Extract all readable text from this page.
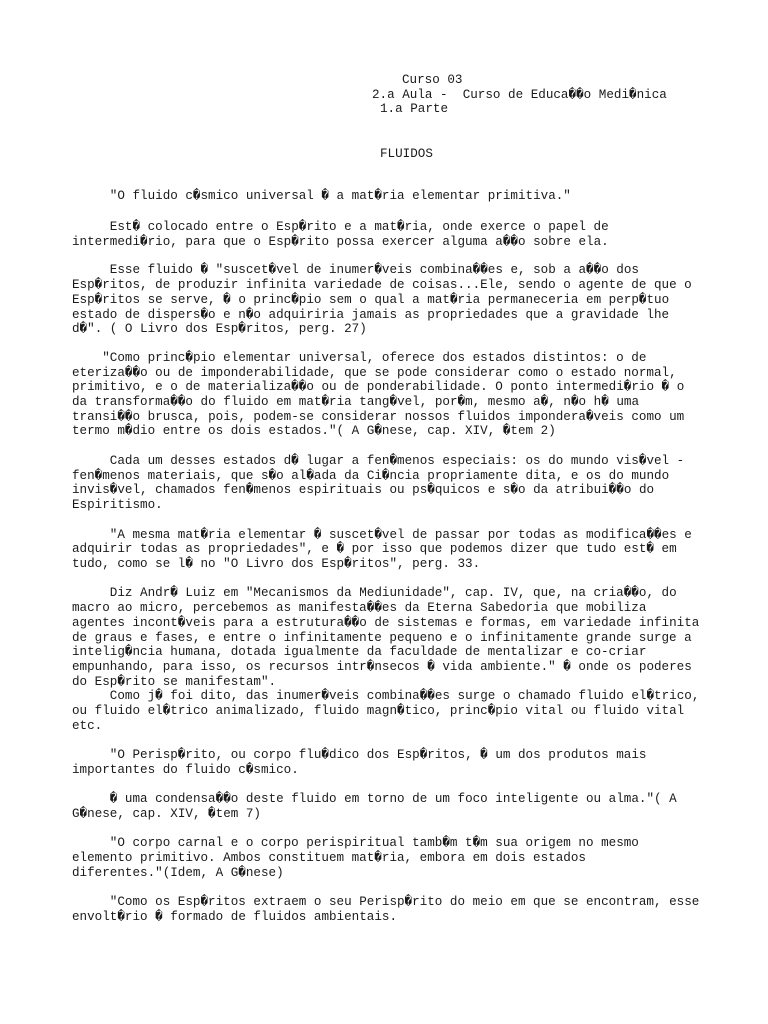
Curso 03
2.a Aula -  Curso de Educa��o Medi�nica
1.a Parte
FLUIDOS
"O fluido c�smico universal � a mat�ria elementar primitiva."
Est� colocado entre o Esp�rito e a mat�ria, onde exerce o papel de
intermedi�rio, para que o Esp�rito possa exercer alguma a��o sobre ela.
Esse fluido � "suscet�vel de inumer�veis combina��es e, sob a a��o dos
Esp�ritos, de produzir infinita variedade de coisas...Ele, sendo o agente de que o
Esp�ritos se serve, � o princ�pio sem o qual a mat�ria permaneceria em perp�tuo
estado de dispers�o e n�o adquiriria jamais as propriedades que a gravidade lhe
d�". ( O Livro dos Esp�ritos, perg. 27)
"Como princ�pio elementar universal, oferece dos estados distintos: o de
eteriza��o ou de imponderabilidade, que se pode considerar como o estado normal,
primitivo, e o de materializa��o ou de ponderabilidade. O ponto intermedi�rio � o
da transforma��o do fluido em mat�ria tang�vel, por�m, mesmo a�, n�o h� uma
transi��o brusca, pois, podem-se considerar nossos fluidos impondera�veis como um
termo m�dio entre os dois estados."( A G�nese, cap. XIV, �tem 2)
Cada um desses estados d� lugar a fen�menos especiais: os do mundo vis�vel -
fen�menos materiais, que s�o al�ada da Ci�ncia propriamente dita, e os do mundo
invis�vel, chamados fen�menos espirituais ou ps�quicos e s�o da atribui��o do
Espiritismo.
"A mesma mat�ria elementar � suscet�vel de passar por todas as modifica��es e
adquirir todas as propriedades", e � por isso que podemos dizer que tudo est� em
tudo, como se l� no "O Livro dos Esp�ritos", perg. 33.
Diz Andr� Luiz em "Mecanismos da Mediunidade", cap. IV, que, na cria��o, do
macro ao micro, percebemos as manifesta��es da Eterna Sabedoria que mobiliza
agentes incont�veis para a estrutura��o de sistemas e formas, em variedade infinita
de graus e fases, e entre o infinitamente pequeno e o infinitamente grande surge a
intelig�ncia humana, dotada igualmente da faculdade de mentalizar e co-criar
empunhando, para isso, os recursos intr�nsecos � vida ambiente." � onde os poderes
do Esp�rito se manifestam".
Como j� foi dito, das inumer�veis combina��es surge o chamado fluido el�trico,
ou fluido el�trico animalizado, fluido magn�tico, princ�pio vital ou fluido vital
etc.
"O Perisp�rito, ou corpo flu�dico dos Esp�ritos, � um dos produtos mais
importantes do fluido c�smico.
� uma condensa��o deste fluido em torno de um foco inteligente ou alma."( A
G�nese, cap. XIV, �tem 7)
"O corpo carnal e o corpo perispiritual tamb�m t�m sua origem no mesmo
elemento primitivo. Ambos constituem mat�ria, embora em dois estados
diferentes."(Idem, A G�nese)
"Como os Esp�ritos extraem o seu Perisp�rito do meio em que se encontram, esse
envolt�rio � formado de fluidos ambientais.
